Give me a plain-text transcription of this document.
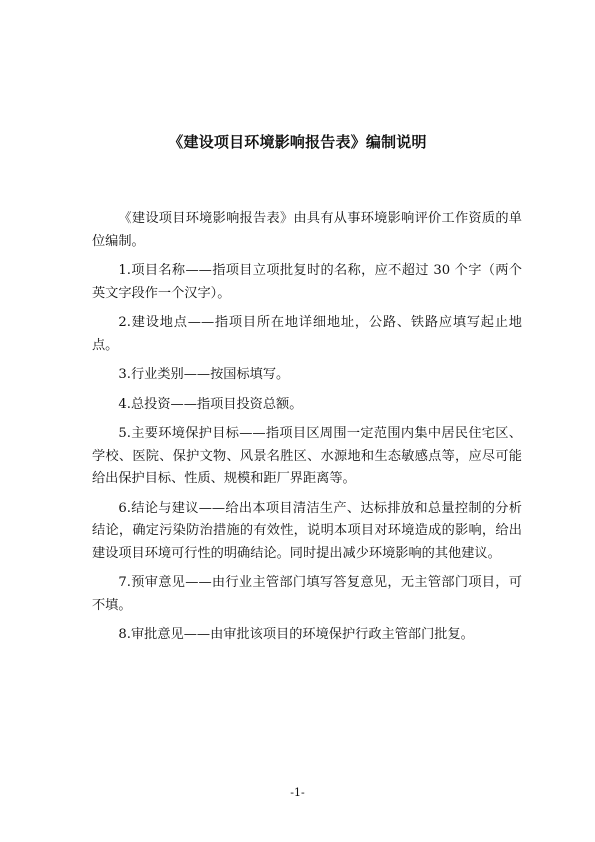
《建设项目环境影响报告表》编制说明

《建设项目环境影响报告表》由具有从事环境影响评价工作资质的单位编制。

1.项目名称——指项目立项批复时的名称，应不超过 30 个字（两个英文字段作一个汉字）。

2.建设地点——指项目所在地详细地址，公路、铁路应填写起止地点。

3.行业类别——按国标填写。

4.总投资——指项目投资总额。

5.主要环境保护目标——指项目区周围一定范围内集中居民住宅区、学校、医院、保护文物、风景名胜区、水源地和生态敏感点等，应尽可能给出保护目标、性质、规模和距厂界距离等。

6.结论与建议——给出本项目清洁生产、达标排放和总量控制的分析结论，确定污染防治措施的有效性，说明本项目对环境造成的影响，给出建设项目环境可行性的明确结论。同时提出减少环境影响的其他建议。

7.预审意见——由行业主管部门填写答复意见，无主管部门项目，可不填。

8.审批意见——由审批该项目的环境保护行政主管部门批复。

-1-
